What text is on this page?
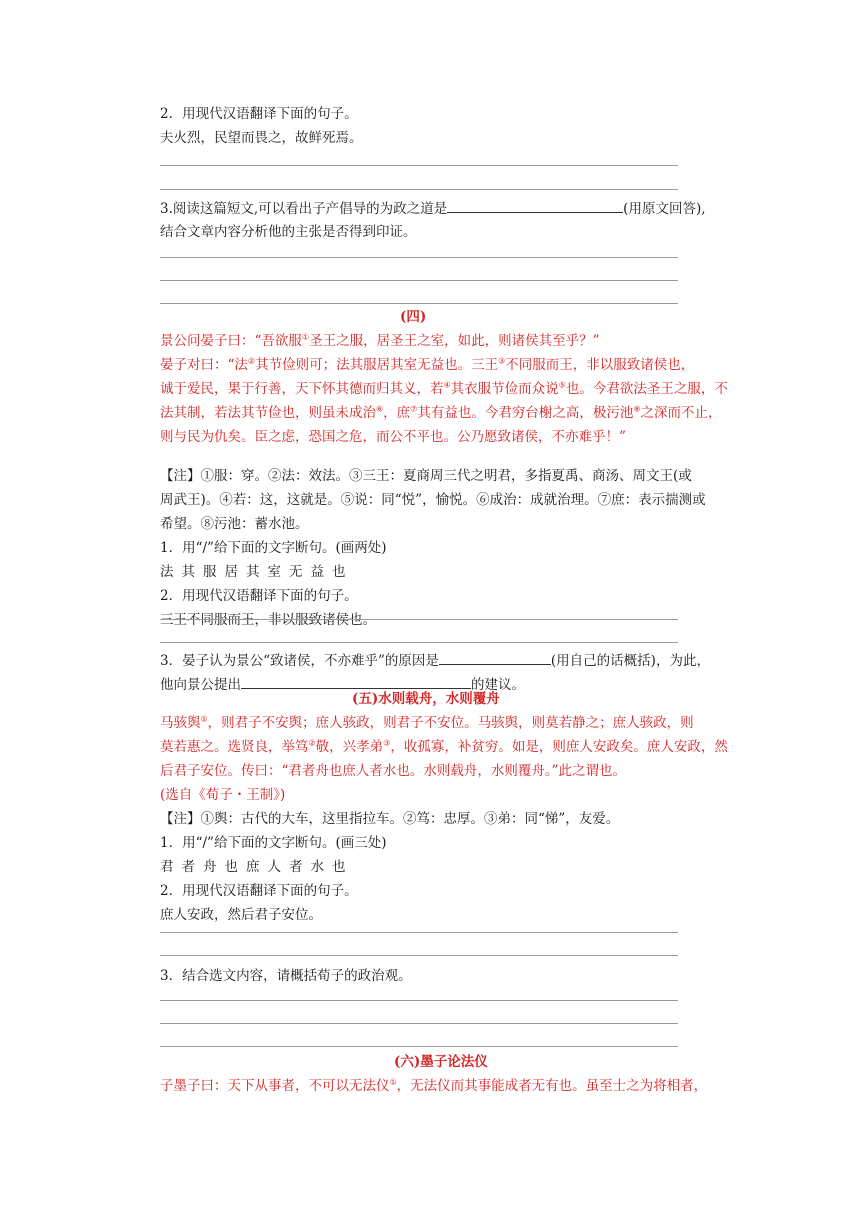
2．用现代汉语翻译下面的句子。
夫火烈，民望而畏之，故鲜死焉。
3.阅读这篇短文,可以看出子产倡导的为政之道是	(用原文回答),
结合文章内容分析他的主张是否得到印证。
(四)
景公问晏子曰：“吾欲服①圣王之服，居圣王之室，如此，则诸侯其至乎？”
晏子对曰：“法②其节俭则可；法其服居其室无益也。三王③不同服而王，非以服致诸侯也，
诚于爱民，果于行善，天下怀其德而归其义，若④其衣服节俭而众说⑤也。今君欲法圣王之服，不
法其制，若法其节俭也，则虽未成治⑥，庶⑦其有益也。今君穷台榭之高，极污池⑧之深而不止，
则与民为仇矣。臣之虑，恐国之危，而公不平也。公乃愿致诸侯，不亦难乎！”
【注】①服：穿。②法：效法。③三王：夏商周三代之明君，多指夏禹、商汤、周文王(或
周武王)。④若：这，这就是。⑤说：同“悦”，愉悦。⑥成治：成就治理。⑦庶：表示揣测或
希望。⑧污池：蓄水池。
1．用“/”给下面的文字断句。(画两处)
法其服居其室无益也
2．用现代汉语翻译下面的句子。
三王不同服而王，非以服致诸侯也。
3．晏子认为景公“致诸侯，不亦难乎”的原因是	(用自己的话概括)，为此，
他向景公提出	的建议。
(五)水则载舟，水则覆舟
马骇舆①，则君子不安舆；庶人骇政，则君子不安位。马骇舆，则莫若静之；庶人骇政，则
莫若惠之。选贤良，举笃②敬，兴孝弟③，收孤寡，补贫穷。如是，则庶人安政矣。庶人安政，然
后君子安位。传曰：“君者舟也庶人者水也。水则载舟，水则覆舟。”此之谓也。
(选自《荀子・王制》)
【注】①舆：古代的大车，这里指拉车。②笃：忠厚。③弟：同“悌”，友爱。
1．用“/”给下面的文字断句。(画三处)
君者舟也庶人者水也
2．用现代汉语翻译下面的句子。
庶人安政，然后君子安位。
3．结合选文内容，请概括荀子的政治观。
(六)墨子论法仪
子墨子曰：天下从事者，不可以无法仪①，无法仪而其事能成者无有也。虽至士之为将相者，
